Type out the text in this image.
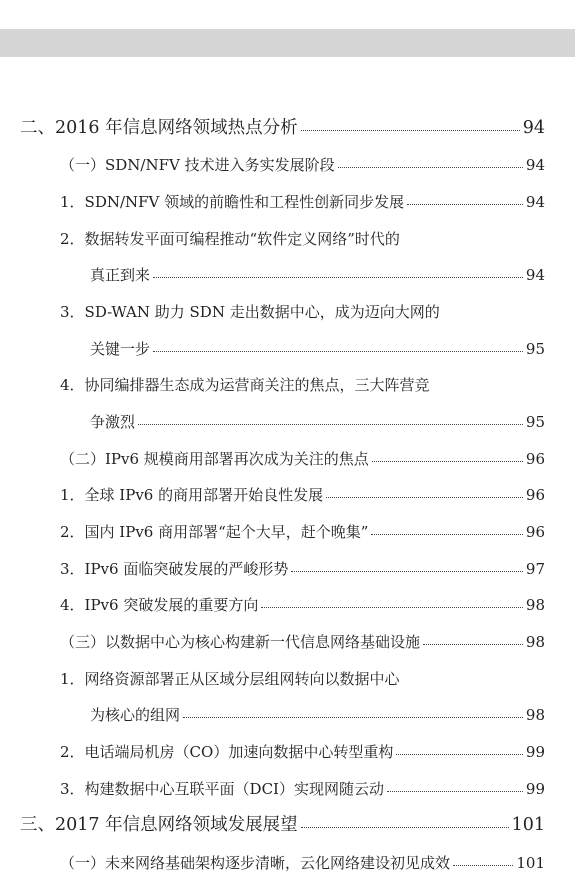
二、2016 年信息网络领域热点分析	94
（一）SDN/NFV 技术进入务实发展阶段	94
1．SDN/NFV 领域的前瞻性和工程性创新同步发展	94
2．数据转发平面可编程推动“软件定义网络”时代的
真正到来	94
3．SD-WAN 助力 SDN 走出数据中心，成为迈向大网的
关键一步	95
4．协同编排器生态成为运营商关注的焦点，三大阵营竞
争激烈	95
（二）IPv6 规模商用部署再次成为关注的焦点	96
1．全球 IPv6 的商用部署开始良性发展	96
2．国内 IPv6 商用部署“起个大早，赶个晚集”	96
3．IPv6 面临突破发展的严峻形势	97
4．IPv6 突破发展的重要方向	98
（三）以数据中心为核心构建新一代信息网络基础设施	98
1．网络资源部署正从区域分层组网转向以数据中心
为核心的组网	98
2．电话端局机房（CO）加速向数据中心转型重构	99
3．构建数据中心互联平面（DCI）实现网随云动	99
三、2017 年信息网络领域发展展望	101
（一）未来网络基础架构逐步清晰，云化网络建设初见成效	101
